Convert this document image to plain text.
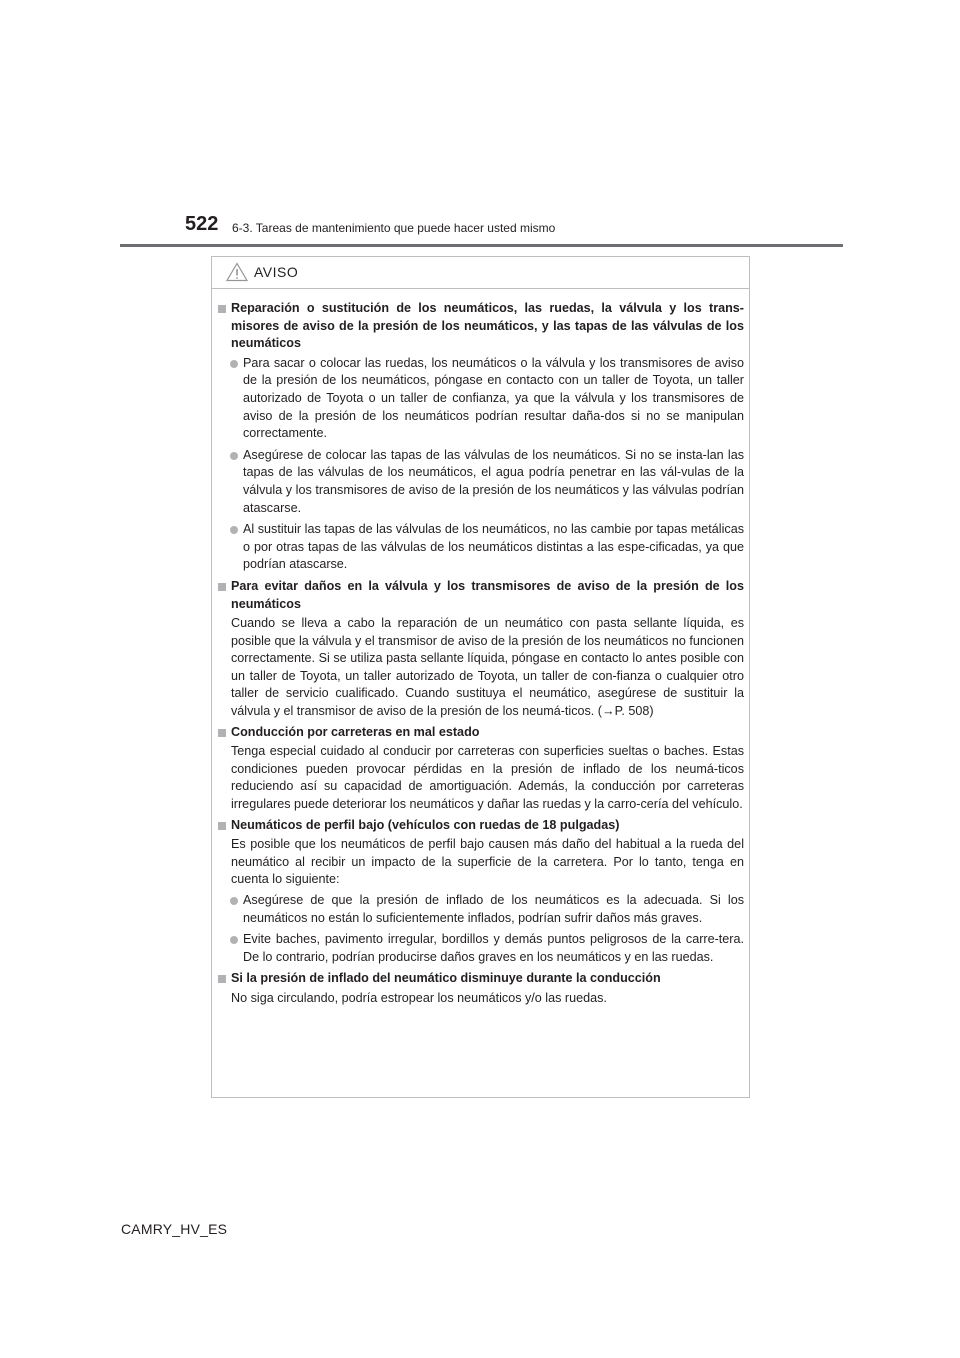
522 6-3. Tareas de mantenimiento que puede hacer usted mismo
AVISO
Reparación o sustitución de los neumáticos, las ruedas, la válvula y los trans-misores de aviso de la presión de los neumáticos, y las tapas de las válvulas de los neumáticos
Para sacar o colocar las ruedas, los neumáticos o la válvula y los transmisores de aviso de la presión de los neumáticos, póngase en contacto con un taller de Toyota, un taller autorizado de Toyota o un taller de confianza, ya que la válvula y los transmisores de aviso de la presión de los neumáticos podrían resultar daña-dos si no se manipulan correctamente.
Asegúrese de colocar las tapas de las válvulas de los neumáticos. Si no se insta-lan las tapas de las válvulas de los neumáticos, el agua podría penetrar en las vál-vulas de la válvula y los transmisores de aviso de la presión de los neumáticos y las válvulas podrían atascarse.
Al sustituir las tapas de las válvulas de los neumáticos, no las cambie por tapas metálicas o por otras tapas de las válvulas de los neumáticos distintas a las espe-cificadas, ya que podrían atascarse.
Para evitar daños en la válvula y los transmisores de aviso de la presión de los neumáticos
Cuando se lleva a cabo la reparación de un neumático con pasta sellante líquida, es posible que la válvula y el transmisor de aviso de la presión de los neumáticos no funcionen correctamente. Si se utiliza pasta sellante líquida, póngase en contacto lo antes posible con un taller de Toyota, un taller autorizado de Toyota, un taller de con-fianza o cualquier otro taller de servicio cualificado. Cuando sustituya el neumático, asegúrese de sustituir la válvula y el transmisor de aviso de la presión de los neumá-ticos. (→P. 508)
Conducción por carreteras en mal estado
Tenga especial cuidado al conducir por carreteras con superficies sueltas o baches. Estas condiciones pueden provocar pérdidas en la presión de inflado de los neumá-ticos reduciendo así su capacidad de amortiguación. Además, la conducción por carreteras irregulares puede deteriorar los neumáticos y dañar las ruedas y la carro-cería del vehículo.
Neumáticos de perfil bajo (vehículos con ruedas de 18 pulgadas)
Es posible que los neumáticos de perfil bajo causen más daño del habitual a la rueda del neumático al recibir un impacto de la superficie de la carretera. Por lo tanto, tenga en cuenta lo siguiente:
Asegúrese de que la presión de inflado de los neumáticos es la adecuada. Si los neumáticos no están lo suficientemente inflados, podrían sufrir daños más graves.
Evite baches, pavimento irregular, bordillos y demás puntos peligrosos de la carre-tera. De lo contrario, podrían producirse daños graves en los neumáticos y en las ruedas.
Si la presión de inflado del neumático disminuye durante la conducción
No siga circulando, podría estropear los neumáticos y/o las ruedas.
CAMRY_HV_ES
